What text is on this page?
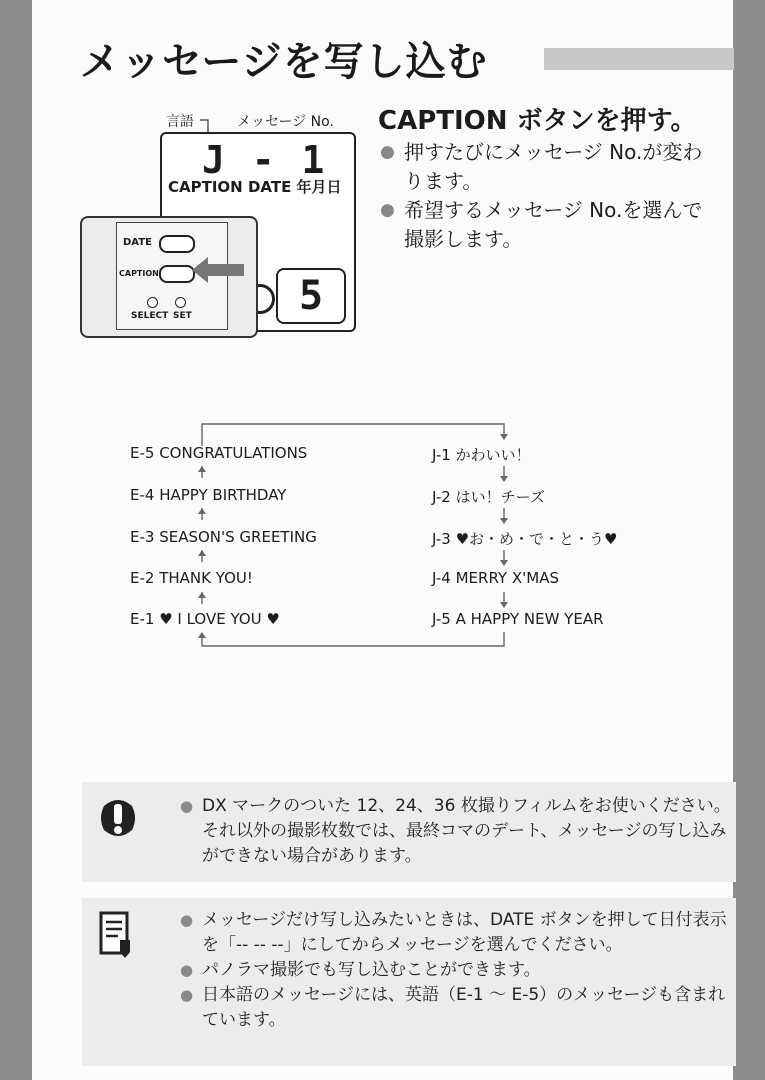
メッセージを写し込む
言語	メッセージ No.
J - 1
CAPTION DATE 年月日
5
DATE
CAPTION
SELECT SET
CAPTION ボタンを押す。
● 押すたびにメッセージ No.が変わります。
● 希望するメッセージ No.を選んで撮影します。
E-5 CONGRATULATIONS
E-4 HAPPY BIRTHDAY
E-3 SEASON'S GREETING
E-2 THANK YOU!
E-1 ♥ I LOVE YOU ♥
J-1 かわいい！
J-2 はい！チーズ
J-3 ♥お・め・で・と・う♥
J-4 MERRY X'MAS
J-5 A HAPPY NEW YEAR
● DX マークのついた 12、24、36 枚撮りフィルムをお使いください。それ以外の撮影枚数では、最終コマのデート、メッセージの写し込みができない場合があります。
● メッセージだけ写し込みたいときは、DATE ボタンを押して日付表示を「-- -- --」にしてからメッセージを選んでください。
● パノラマ撮影でも写し込むことができます。
● 日本語のメッセージには、英語（E-1 ～ E-5）のメッセージも含まれています。
